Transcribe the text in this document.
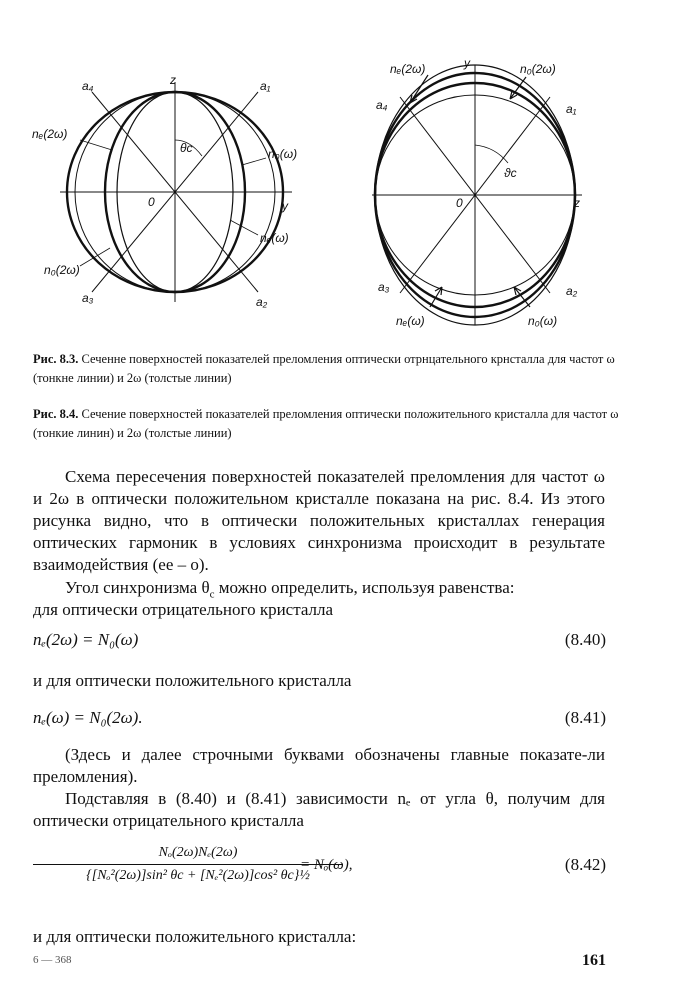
a₄	z	a₁
nₑ(2ω)
θc	n₀(ω)
0	y
nₑ(ω)
n₀(2ω)
a₃	a₂
nₑ(2ω)	y	n₀(2ω)
a₄	a₁
ϑc
0	z
a₃	a₂
nₑ(ω)	n₀(ω)
Рис. 8.3. Сеченне поверхностей показателей преломления оптически отрнцательного крнсталла для частот ω (тонкне линии) и 2ω (толстые линии)
Рис. 8.4. Сечение поверхностей показателей преломления оптически положительного кристалла для частот ω (тонкие линин) и 2ω (толстые линии)
Схема пересечения поверхностей показателей преломления для частот ω и 2ω в оптически положительном кристалле показана на рис. 8.4. Из этого рисунка видно, что в оптически положительных кристаллах генерация оптических гармоник в условиях синхронизма происходит в результате взаимодействия (ee – o).
Угол синхронизма $\theta_c$ можно определить, используя равенства:
для оптически отрицательного кристалла
nₑ(2ω) = N₀(ω)	(8.40)
и для оптически положительного кристалла
nₑ(ω) = N₀(2ω).	(8.41)
(Здесь и далее строчными буквами обозначены главные показате-ли преломления).
Подставляя в (8.40) и (8.41) зависимости nₑ от угла θ, получим для оптически отрицательного кристалла
Nₒ(2ω)Nₑ(2ω)
{[Nₒ²(2ω)]sin² θc + [Nₑ²(2ω)]cos² θc}½
= Nₒ(ω),	(8.42)
и для оптически положительного кристалла:
6 — 368	161
